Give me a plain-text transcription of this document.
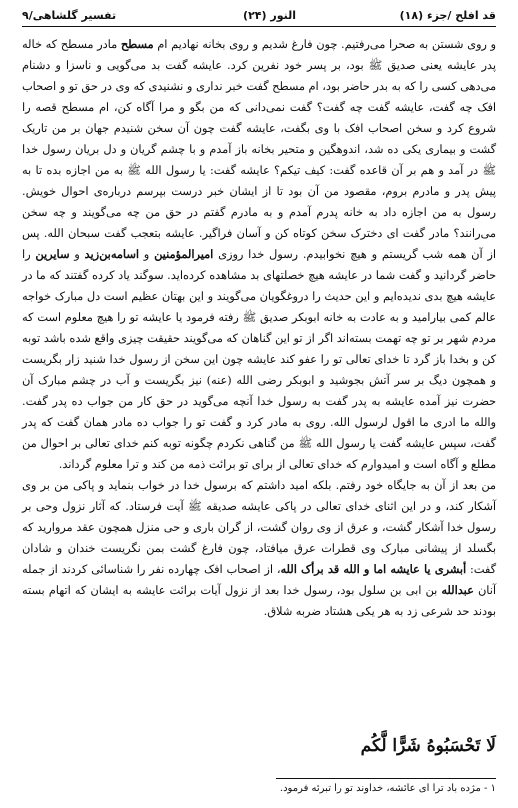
قد افلح /جزء (۱۸)
النور (۲۴)
تفسیر گلشاهی/۹

و روی شستن به صحرا می‌رفتیم. چون فارغ شدیم و روی بخانه نهادیم ام مسطح مادر مسطح که خاله پدر عایشه یعنی صدیق ﷺ بود، بر پسر خود نفرین کرد. عایشه گفت بد می‌گویی و ناسزا و دشنام می‌دهی کسی را که به بدر حاضر بود، ام مسطح گفت خبر نداری و نشنیدی که وی در حق تو و اصحاب افک چه گفت، عایشه گفت چه گفت؟ گفت نمی‌دانی که من بگو و مرا آگاه کن، ام مسطح قصه را شروع کرد و سخن اصحاب افک با وی بگفت، عایشه گفت چون آن سخن شنیدم جهان بر من تاریک گشت و بیماری یکی ده شد، اندوهگین و متحیر بخانه باز آمدم و با چشم گریان و دل بریان رسول خدا ﷺ در آمد و هم بر آن قاعده گفت: کیف تیکم؟ عایشه گفت: یا رسول الله ﷺ به من اجازه بده تا به پیش پدر و مادرم بروم، مقصود من آن بود تا از ایشان خبر درست بپرسم درباره‌ی احوال خویش. رسول به من اجازه داد به خانه پدرم آمدم و به مادرم گفتم در حق من چه می‌گویند و چه سخن می‌رانند؟ مادر گفت ای دخترک سخن کوتاه کن و آسان فراگیر. عایشه بتعجب گفت سبحان الله. پس از آن همه شب گریستم و هیچ نخوابیدم. رسول خدا روزی امیرالمؤمنین و اسامه‌بن‌زید و سایرین را حاضر گردانید و گفت شما در عایشه هیچ خصلتهای بد مشاهده کرده‌اید. سوگند یاد کرده گفتند که ما در عایشه هیچ بدی ندیده‌ایم و این حدیث را دروغگویان می‌گویند و این بهتان عظیم است دل مبارک خواجه عالم کمی بیارامید و به عادت به خانه ابوبکر صدیق ﷺ رفته فرمود یا عایشه تو را هیچ معلوم است که مردم شهر بر تو چه تهمت بسته‌اند اگر از تو این گناهان که می‌گویند حقیقت چیزی واقع شده باشد توبه کن و بخدا باز گرد تا خدای تعالی تو را عفو کند عایشه چون این سخن از رسول خدا شنید زار بگریست و همچون دیگ بر سر آتش بجوشید و ابوبکر رضی الله (عنه) نیز بگریست و آب در چشم مبارک آن حضرت نیز آمده عایشه به پدر گفت به رسول خدا آنچه می‌گوید در حق کار من جواب ده پدر گفت. والله ما ادری ما اقول لرسول الله. روی به مادر کرد و گفت تو را جواب ده مادر همان گفت که پدر گفت، سپس عایشه گفت یا رسول الله ﷺ من گناهی نکردم چگونه توبه کنم خدای تعالی بر احوال من مطلع و آگاه است و امیدوارم که خدای تعالی از برای تو برائت ذمه من کند و ترا معلوم گرداند.

من بعد از آن به جایگاه خود رفتم. بلکه امید داشتم که برسول خدا در خواب بنماید و پاکی من بر وی آشکار کند، و در این اثنای خدای تعالی در پاکی عایشه صدیقه ﷺ آیت فرستاد. که آثار نزول وحی بر رسول خدا آشکار گشت، و عرق از وی روان گشت، از گران باری و حی منزل همچون عقد مروارید که بگسلد از پیشانی مبارک وی قطرات عرق میافتاد، چون فارغ گشت بمن نگریست خندان و شادان گفت: أبشری یا عایشه اما و الله قد برأک الله، از اصحاب افک چهارده نفر را شناسائی کردند از جمله آنان عبدالله بن ابی بن سلول بود، رسول خدا بعد از نزول آیات برائت عایشه به ایشان که اتهام بسته بودند حد شرعی زد به هر یکی هشتاد ضربه شلاق.

لَا تَحْسَبُوهُ شَرًّا لَّكُم
١ - مژده باد ترا ای عائشه، خداوند تو را تبرئه فرمود.
